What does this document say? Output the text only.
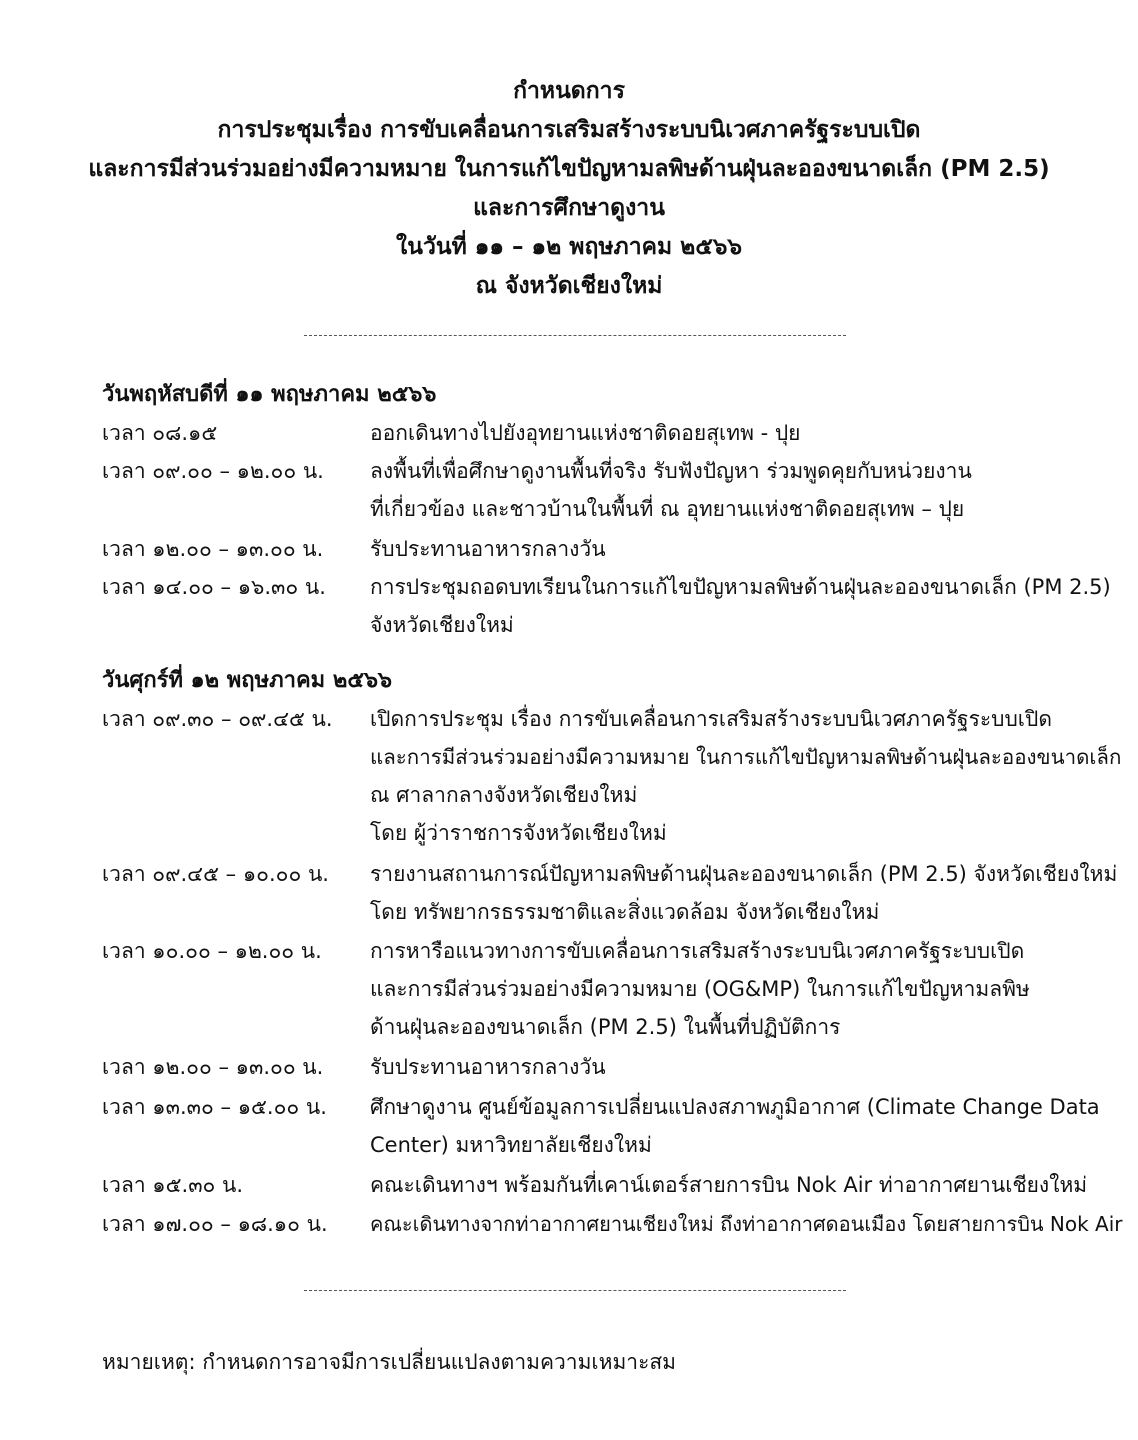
กำหนดการ
การประชุมเรื่อง การขับเคลื่อนการเสริมสร้างระบบนิเวศภาครัฐระบบเปิด
และการมีส่วนร่วมอย่างมีความหมาย ในการแก้ไขปัญหามลพิษด้านฝุ่นละอองขนาดเล็ก (PM 2.5)
และการศึกษาดูงาน
ในวันที่ ๑๑ – ๑๒ พฤษภาคม ๒๕๖๖
ณ จังหวัดเชียงใหม่
วันพฤหัสบดีที่ ๑๑ พฤษภาคม ๒๕๖๖
เวลา ๐๘.๑๕	ออกเดินทางไปยังอุทยานแห่งชาติดอยสุเทพ - ปุย
เวลา ๐๙.๐๐ – ๑๒.๐๐ น.	ลงพื้นที่เพื่อศึกษาดูงานพื้นที่จริง รับฟังปัญหา ร่วมพูดคุยกับหน่วยงาน
ที่เกี่ยวข้อง และชาวบ้านในพื้นที่ ณ อุทยานแห่งชาติดอยสุเทพ – ปุย
เวลา ๑๒.๐๐ – ๑๓.๐๐ น.	รับประทานอาหารกลางวัน
เวลา ๑๔.๐๐ – ๑๖.๓๐ น.	การประชุมถอดบทเรียนในการแก้ไขปัญหามลพิษด้านฝุ่นละอองขนาดเล็ก (PM 2.5)
จังหวัดเชียงใหม่
วันศุกร์ที่ ๑๒ พฤษภาคม ๒๕๖๖
เวลา ๐๙.๓๐ – ๐๙.๔๕ น.	เปิดการประชุม เรื่อง การขับเคลื่อนการเสริมสร้างระบบนิเวศภาครัฐระบบเปิด
และการมีส่วนร่วมอย่างมีความหมาย ในการแก้ไขปัญหามลพิษด้านฝุ่นละอองขนาดเล็ก
ณ ศาลากลางจังหวัดเชียงใหม่
โดย ผู้ว่าราชการจังหวัดเชียงใหม่
เวลา ๐๙.๔๕ – ๑๐.๐๐ น.	รายงานสถานการณ์ปัญหามลพิษด้านฝุ่นละอองขนาดเล็ก (PM 2.5) จังหวัดเชียงใหม่
โดย ทรัพยากรธรรมชาติและสิ่งแวดล้อม จังหวัดเชียงใหม่
เวลา ๑๐.๐๐ – ๑๒.๐๐ น.	การหารือแนวทางการขับเคลื่อนการเสริมสร้างระบบนิเวศภาครัฐระบบเปิด
และการมีส่วนร่วมอย่างมีความหมาย (OG&MP) ในการแก้ไขปัญหามลพิษ
ด้านฝุ่นละอองขนาดเล็ก (PM 2.5) ในพื้นที่ปฏิบัติการ
เวลา ๑๒.๐๐ – ๑๓.๐๐ น.	รับประทานอาหารกลางวัน
เวลา ๑๓.๓๐ – ๑๕.๐๐ น.	ศึกษาดูงาน ศูนย์ข้อมูลการเปลี่ยนแปลงสภาพภูมิอากาศ (Climate Change Data
Center) มหาวิทยาลัยเชียงใหม่
เวลา ๑๕.๓๐ น.	คณะเดินทางฯ พร้อมกันที่เคาน์เตอร์สายการบิน Nok Air ท่าอากาศยานเชียงใหม่
เวลา ๑๗.๐๐ – ๑๘.๑๐ น.	คณะเดินทางจากท่าอากาศยานเชียงใหม่ ถึงท่าอากาศดอนเมือง โดยสายการบิน Nok Air
หมายเหตุ: กำหนดการอาจมีการเปลี่ยนแปลงตามความเหมาะสม
